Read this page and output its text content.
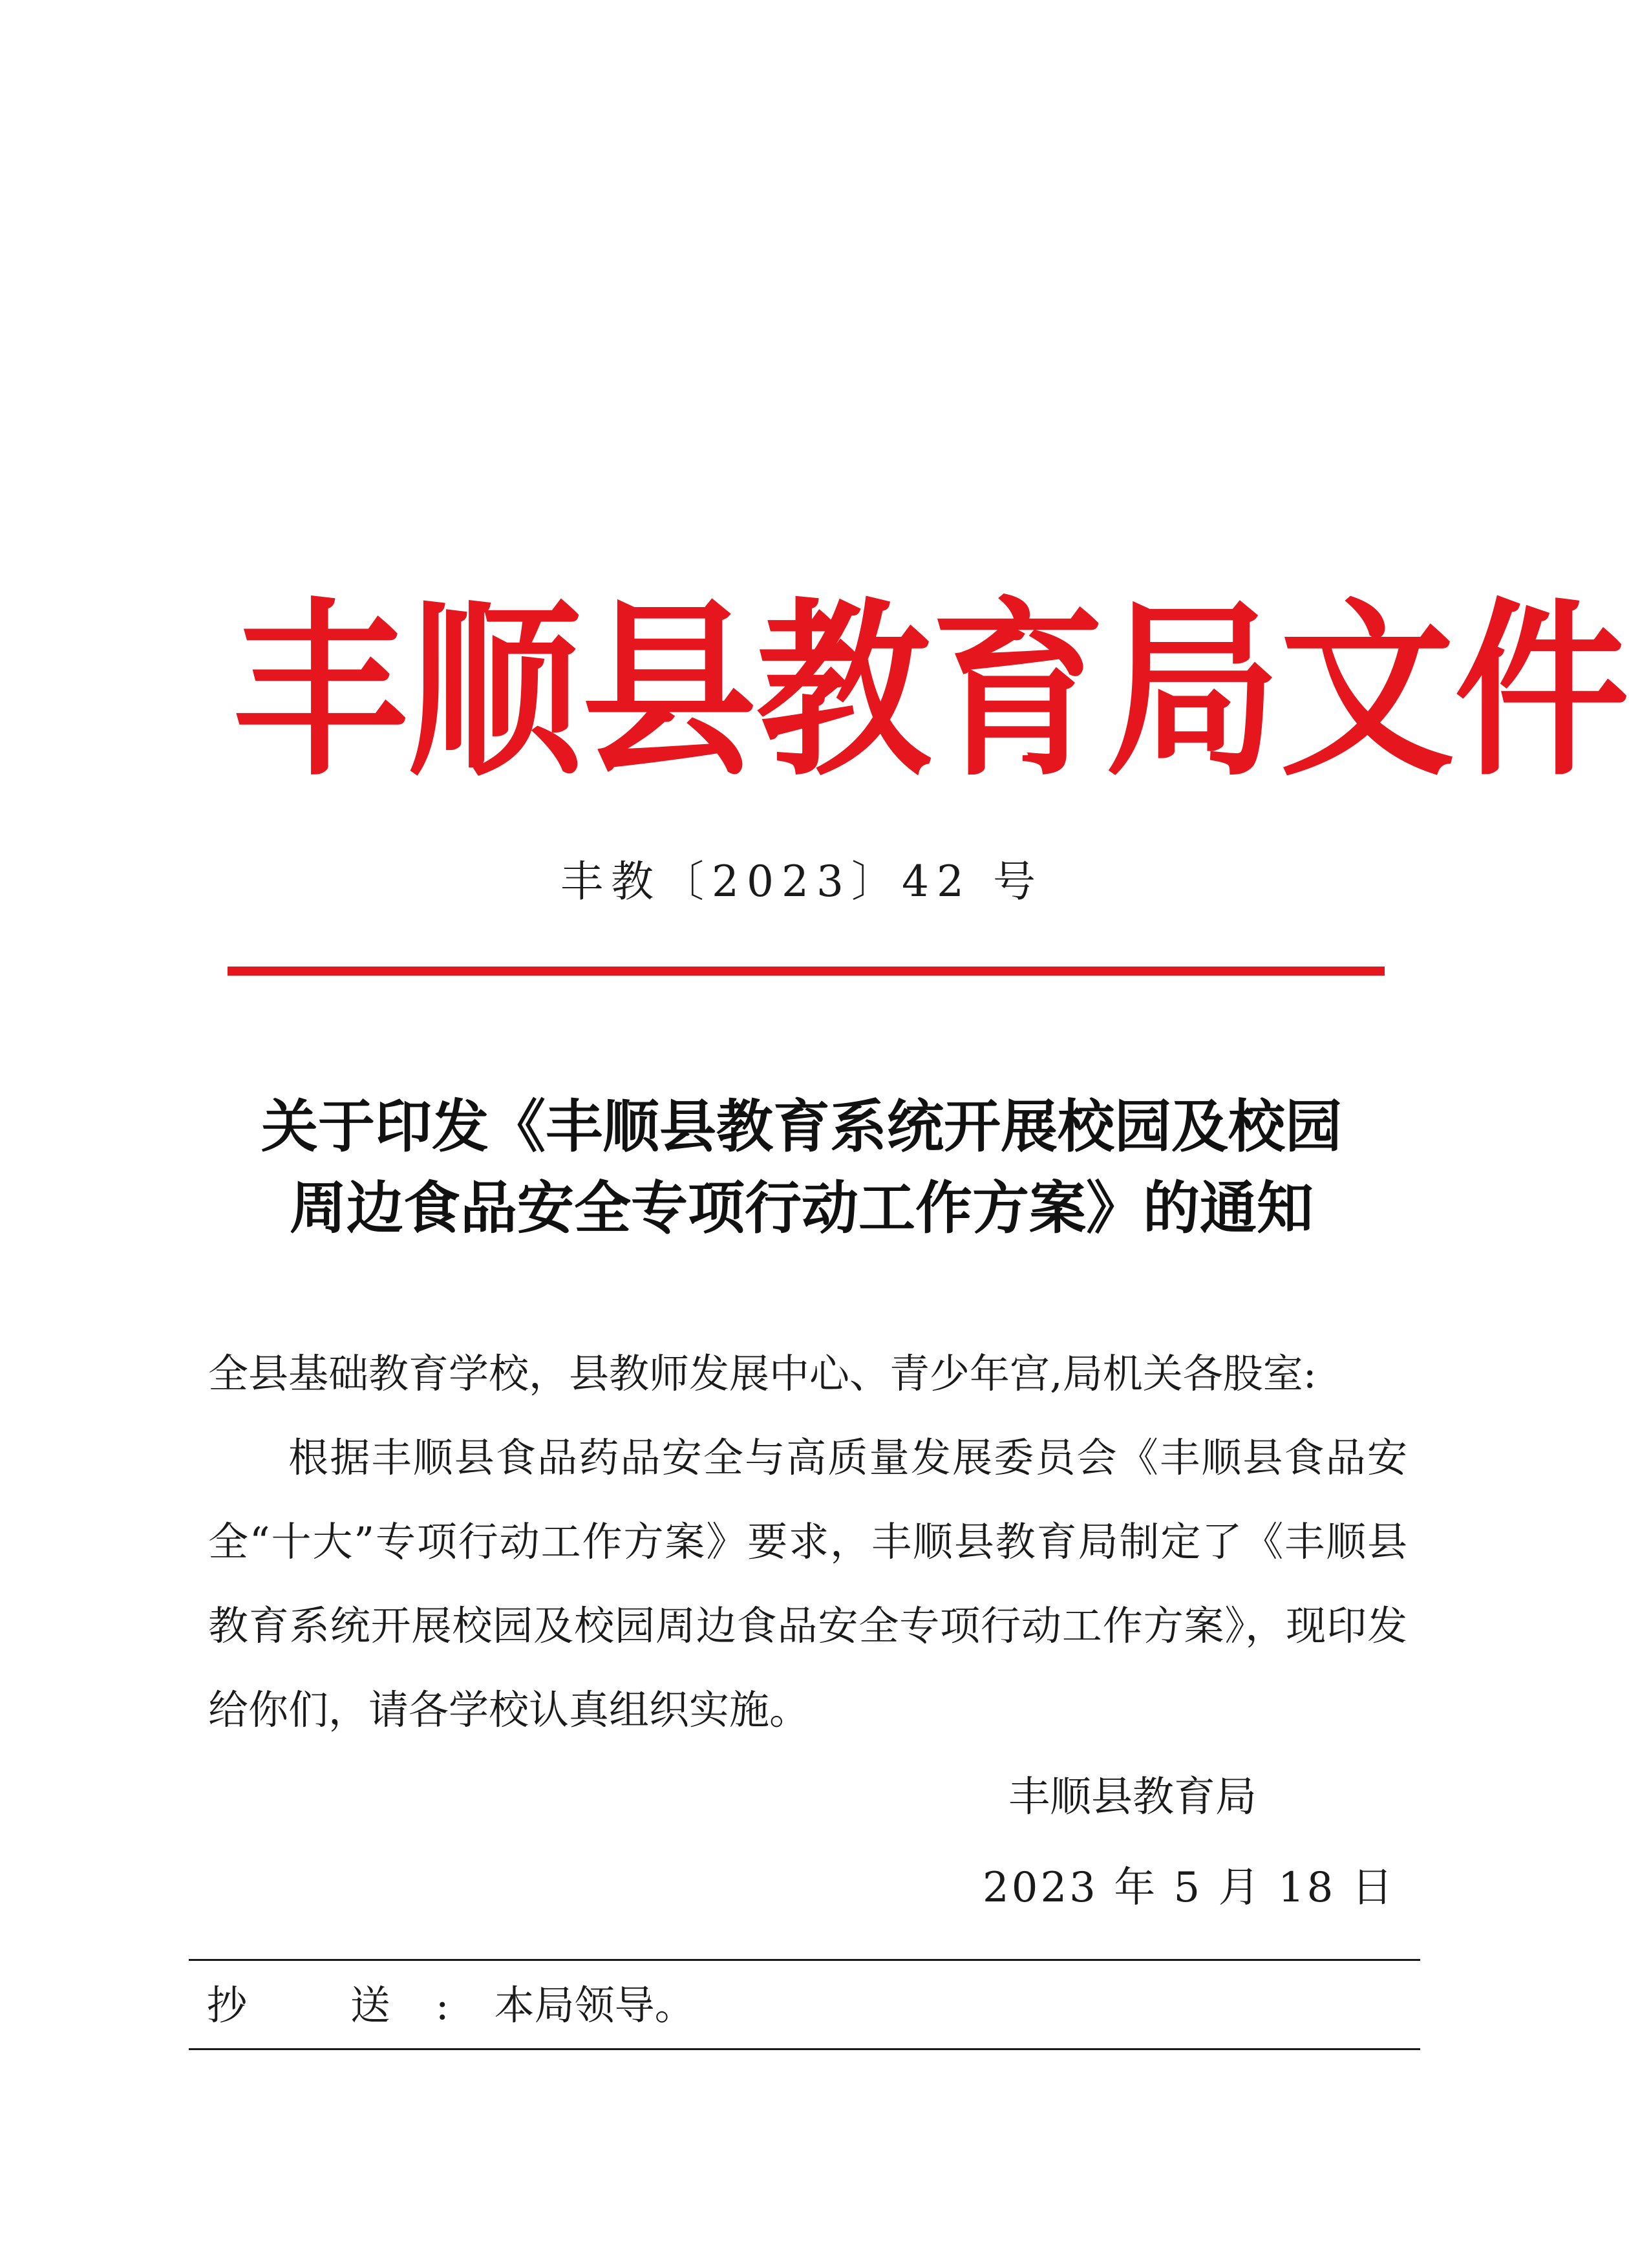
丰 顺 县 教 育 局 文 件
丰教〔2023〕42 号
关于印发《丰顺县教育系统开展校园及校园
周边食品安全专项行动工作方案》的通知
全县基础教育学校，县教师发展中心、青少年宫,局机关各股室:
根据丰顺县食品药品安全与高质量发展委员会《丰顺县食品安全“十大”专项行动工作方案》要求，丰顺县教育局制定了《丰顺县教育系统开展校园及校园周边食品安全专项行动工作方案》，现印发给你们，请各学校认真组织实施。
丰顺县教育局
2023 年 5 月 18 日
抄 送:本局领导。
